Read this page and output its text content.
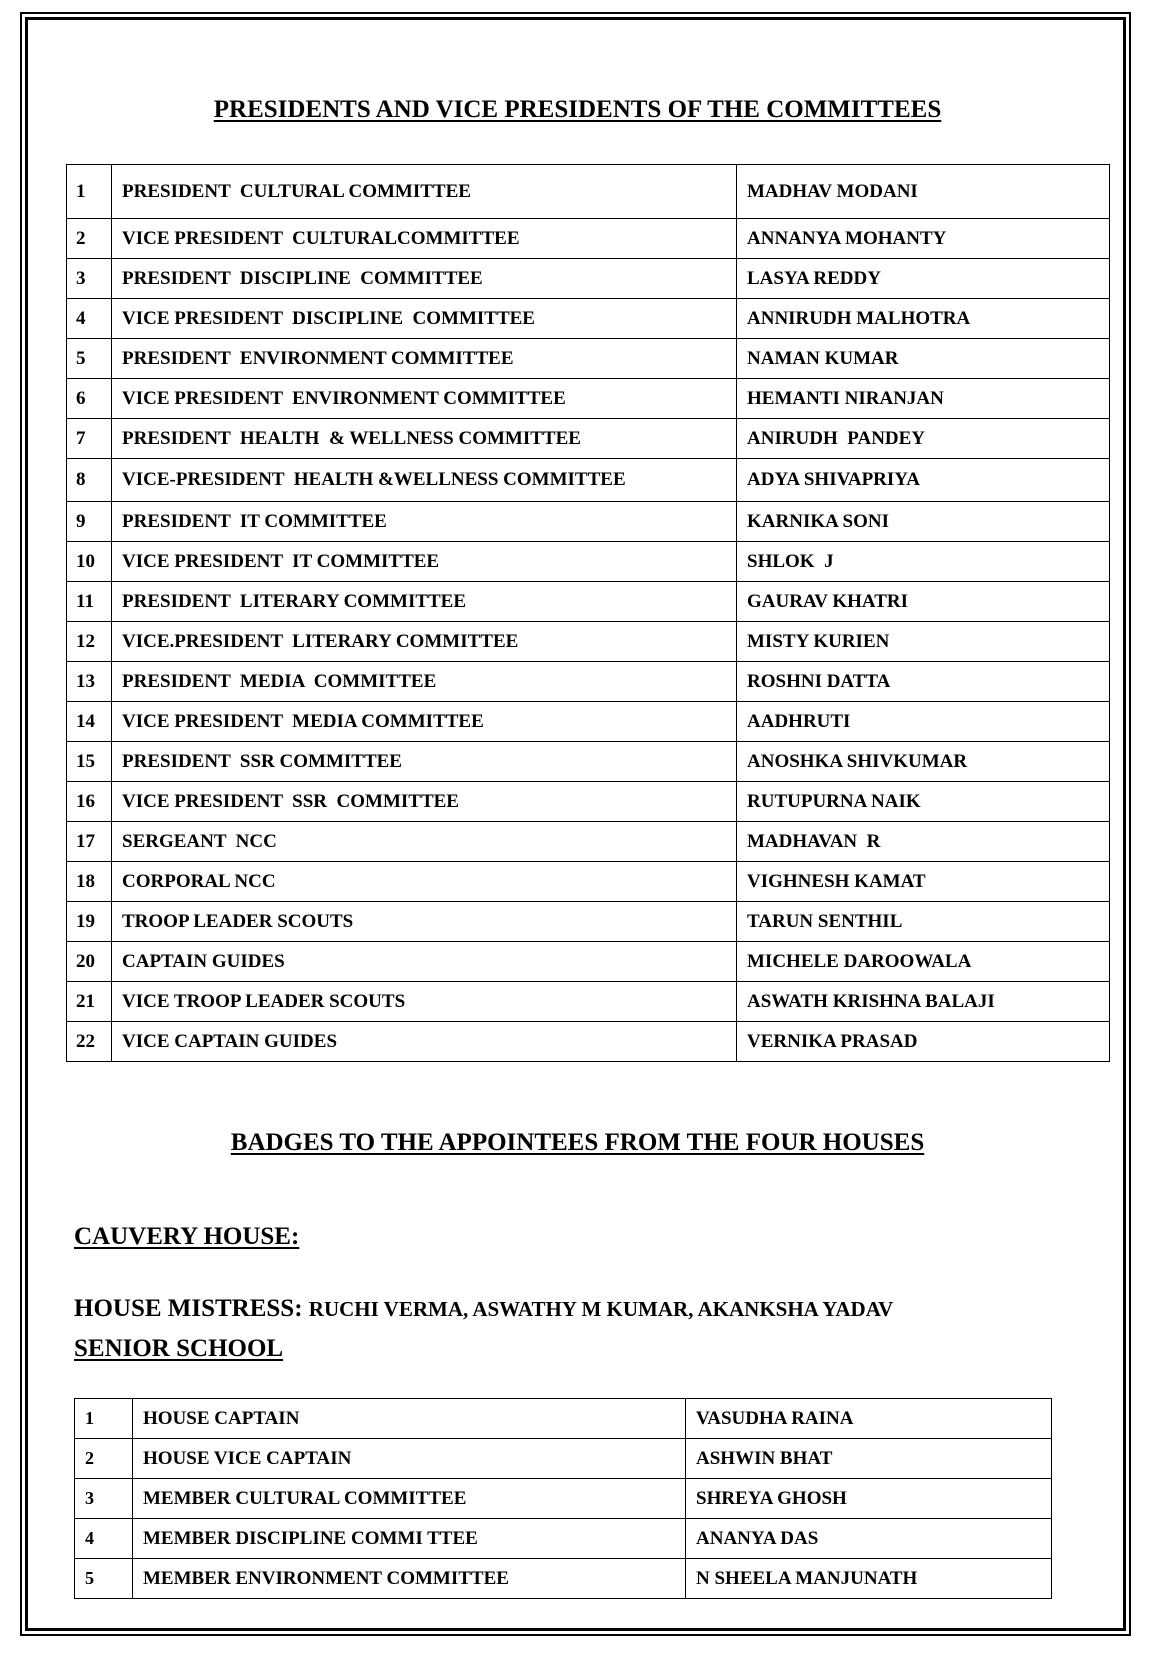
PRESIDENTS AND VICE PRESIDENTS OF THE COMMITTEES
1	PRESIDENT  CULTURAL COMMITTEE	MADHAV MODANI
2	VICE PRESIDENT  CULTURALCOMMITTEE	ANNANYA MOHANTY
3	PRESIDENT  DISCIPLINE  COMMITTEE	LASYA REDDY
4	VICE PRESIDENT  DISCIPLINE  COMMITTEE	ANNIRUDH MALHOTRA
5	PRESIDENT  ENVIRONMENT COMMITTEE	NAMAN KUMAR
6	VICE PRESIDENT  ENVIRONMENT COMMITTEE	HEMANTI NIRANJAN
7	PRESIDENT  HEALTH  & WELLNESS COMMITTEE	ANIRUDH  PANDEY
8	VICE-PRESIDENT  HEALTH &WELLNESS COMMITTEE	ADYA SHIVAPRIYA
9	PRESIDENT  IT COMMITTEE	KARNIKA SONI
10	VICE PRESIDENT  IT COMMITTEE	SHLOK  J
11	PRESIDENT  LITERARY COMMITTEE	GAURAV KHATRI
12	VICE.PRESIDENT  LITERARY COMMITTEE	MISTY KURIEN
13	PRESIDENT  MEDIA  COMMITTEE	ROSHNI DATTA
14	VICE PRESIDENT  MEDIA COMMITTEE	AADHRUTI
15	PRESIDENT  SSR COMMITTEE	ANOSHKA SHIVKUMAR
16	VICE PRESIDENT  SSR  COMMITTEE	RUTUPURNA NAIK
17	SERGEANT  NCC	MADHAVAN  R
18	CORPORAL NCC	VIGHNESH KAMAT
19	TROOP LEADER SCOUTS	TARUN SENTHIL
20	CAPTAIN GUIDES	MICHELE DAROOWALA
21	VICE TROOP LEADER SCOUTS	ASWATH KRISHNA BALAJI
22	VICE CAPTAIN GUIDES	VERNIKA PRASAD
BADGES TO THE APPOINTEES FROM THE FOUR HOUSES
CAUVERY HOUSE:
HOUSE MISTRESS: RUCHI VERMA, ASWATHY M KUMAR, AKANKSHA YADAV
SENIOR SCHOOL
1	HOUSE CAPTAIN	VASUDHA RAINA
2	HOUSE VICE CAPTAIN	ASHWIN BHAT
3	MEMBER CULTURAL COMMITTEE	SHREYA GHOSH
4	MEMBER DISCIPLINE COMMI TTEE	ANANYA DAS
5	MEMBER ENVIRONMENT COMMITTEE	N SHEELA MANJUNATH
